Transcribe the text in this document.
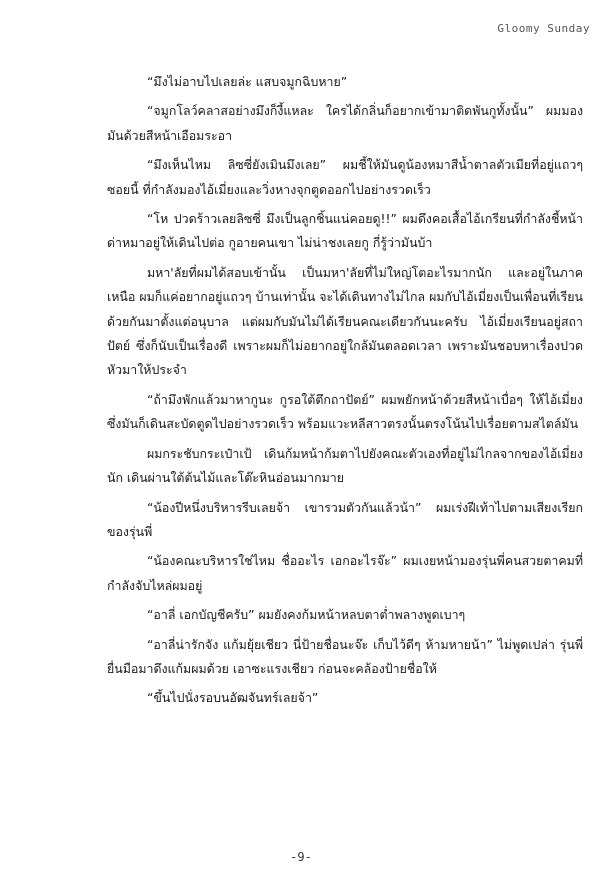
Gloomy Sunday

“มึงไม่อาบไปเลยล่ะ แสบจมูกฉิบหาย”

“จมูกโลว์คลาสอย่างมึงก็งี้แหละ ใครได้กลิ่นก็อยากเข้ามาติดพันกูทั้งนั้น” ผมมองมันด้วยสีหน้าเอือมระอา

“มึงเห็นไหม ลิซซี่ยังเมินมึงเลย” ผมชี้ให้มันดูน้องหมาสีน้ำตาลตัวเมียที่อยู่แถวๆ ซอยนี้ ที่กำลังมองไอ้เมี่ยงและวิ่งหางจุกตูดออกไปอย่างรวดเร็ว

“โห ปวดร้าวเลยลิซซี่ มึงเป็นลูกชิ้นแน่คอยดู!!” ผมดึงคอเสื้อไอ้เกรียนที่กำลังชี้หน้าด่าหมาอยู่ให้เดินไปต่อ กูอายคนเขา ไม่น่าชงเลยกู กี่รู้ว่ามันบ้า

มหา'ลัยที่ผมได้สอบเข้านั้น เป็นมหา'ลัยที่ไม่ใหญ่โตอะไรมากนัก และอยู่ในภาคเหนือ ผมก็แค่อยากอยู่แถวๆ บ้านเท่านั้น จะได้เดินทางไม่ไกล ผมกับไอ้เมี่ยงเป็นเพื่อนที่เรียนด้วยกันมาตั้งแต่อนุบาล แต่ผมกับมันไม่ได้เรียนคณะเดียวกันนะครับ ไอ้เมี่ยงเรียนอยู่สถาปัตย์ ซึ่งก็นับเป็นเรื่องดี เพราะผมก็ไม่อยากอยู่ใกล้มันตลอดเวลา เพราะมันชอบหาเรื่องปวดหัวมาให้ประจำ

“ถ้ามึงพักแล้วมาหากูนะ กูรอใต้ตึกถาปัตย์” ผมพยักหน้าด้วยสีหน้าเบื่อๆ ให้ไอ้เมี่ยง ซึ่งมันก็เดินสะบัดตูดไปอย่างรวดเร็ว พร้อมแวะหลีสาวตรงนั้นตรงโน้นไปเรื่อยตามสไตล์มัน

ผมกระชับกระเป๋าเป้ เดินก้มหน้าก้มตาไปยังคณะตัวเองที่อยู่ไม่ไกลจากของไอ้เมี่ยงนัก เดินผ่านใต้ต้นไม้และโต๊ะหินอ่อนมากมาย

“น้องปีหนึ่งบริหารรีบเลยจ้า เขารวมตัวกันแล้วน้า” ผมเร่งฝีเท้าไปตามเสียงเรียกของรุ่นพี่

“น้องคณะบริหารใช่ไหม ชื่ออะไร เอกอะไรจ๊ะ” ผมเงยหน้ามองรุ่นพี่คนสวยตาคมที่กำลังจับไหล่ผมอยู่

“อาลี่ เอกบัญชีครับ” ผมยังคงก้มหน้าหลบตาต่ำพลางพูดเบาๆ

“อาลี่น่ารักจัง แก้มยุ้ยเชียว นี่ป้ายชื่อนะจ๊ะ เก็บไว้ดีๆ ห้ามหายน้า” ไม่พูดเปล่า รุ่นพี่ยื่นมือมาดึงแก้มผมด้วย เอาซะแรงเชียว ก่อนจะคล้องป้ายชื่อให้

“ขึ้นไปนั่งรอบนอัฒจันทร์เลยจ้า”

-9-
